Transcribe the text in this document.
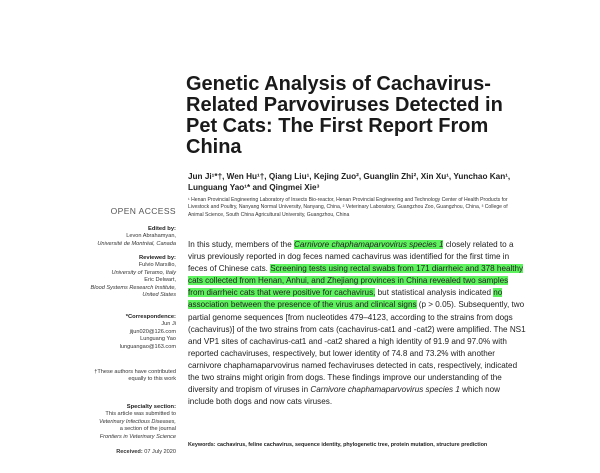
Genetic Analysis of Cachavirus-Related Parvoviruses Detected in Pet Cats: The First Report From China

Jun Ji¹*†, Wen Hu¹†, Qiang Liu¹, Kejing Zuo², Guanglin Zhi², Xin Xu¹, Yunchao Kan¹, Lunguang Yao¹* and Qingmei Xie³

¹ Henan Provincial Engineering Laboratory of Insects Bio-reactor, Henan Provincial Engineering and Technology Center of Health Products for Livestock and Poultry, Nanyang Normal University, Nanyang, China, ² Veterinary Laboratory, Guangzhou Zoo, Guangzhou, China, ³ College of Animal Science, South China Agricultural University, Guangzhou, China

OPEN ACCESS
Edited by:
Levon Abrahamyan,
Université de Montréal, Canada
Reviewed by:
Fulvio Marsilio,
University of Teramo, Italy
Eric Delwart,
Blood Systems Research Institute,
United States
*Correspondence:
Jun Ji
jijun020@126.com
Lunguang Yao
lunguangao@163.com
†These authors have contributed
equally to this work
Specialty section:
This article was submitted to
Veterinary Infectious Diseases,
a section of the journal
Frontiers in Veterinary Science
Received: 07 July 2020

In this study, members of the Carnivore chaphamaparvovirus species 1 closely related to a virus previously reported in dog feces named cachavirus was identified for the first time in feces of Chinese cats. Screening tests using rectal swabs from 171 diarrheic and 378 healthy cats collected from Henan, Anhui, and Zhejiang provinces in China revealed two samples from diarrheic cats that were positive for cachavirus, but statistical analysis indicated no association between the presence of the virus and clinical signs (p > 0.05). Subsequently, two partial genome sequences [from nucleotides 479–4123, according to the strains from dogs (cachavirus)] of the two strains from cats (cachavirus-cat1 and -cat2) were amplified. The NS1 and VP1 sites of cachavirus-cat1 and -cat2 shared a high identity of 91.9 and 97.0% with reported cachaviruses, respectively, but lower identity of 74.8 and 73.2% with another carnivore chaphamaparvovirus named fechaviruses detected in cats, respectively, indicated the two strains might origin from dogs. These findings improve our understanding of the diversity and tropism of viruses in Carnivore chaphamaparvovirus species 1 which now include both dogs and now cats viruses.

Keywords: cachavirus, feline cachavirus, sequence identity, phylogenetic tree, protein mutation, structure prediction
